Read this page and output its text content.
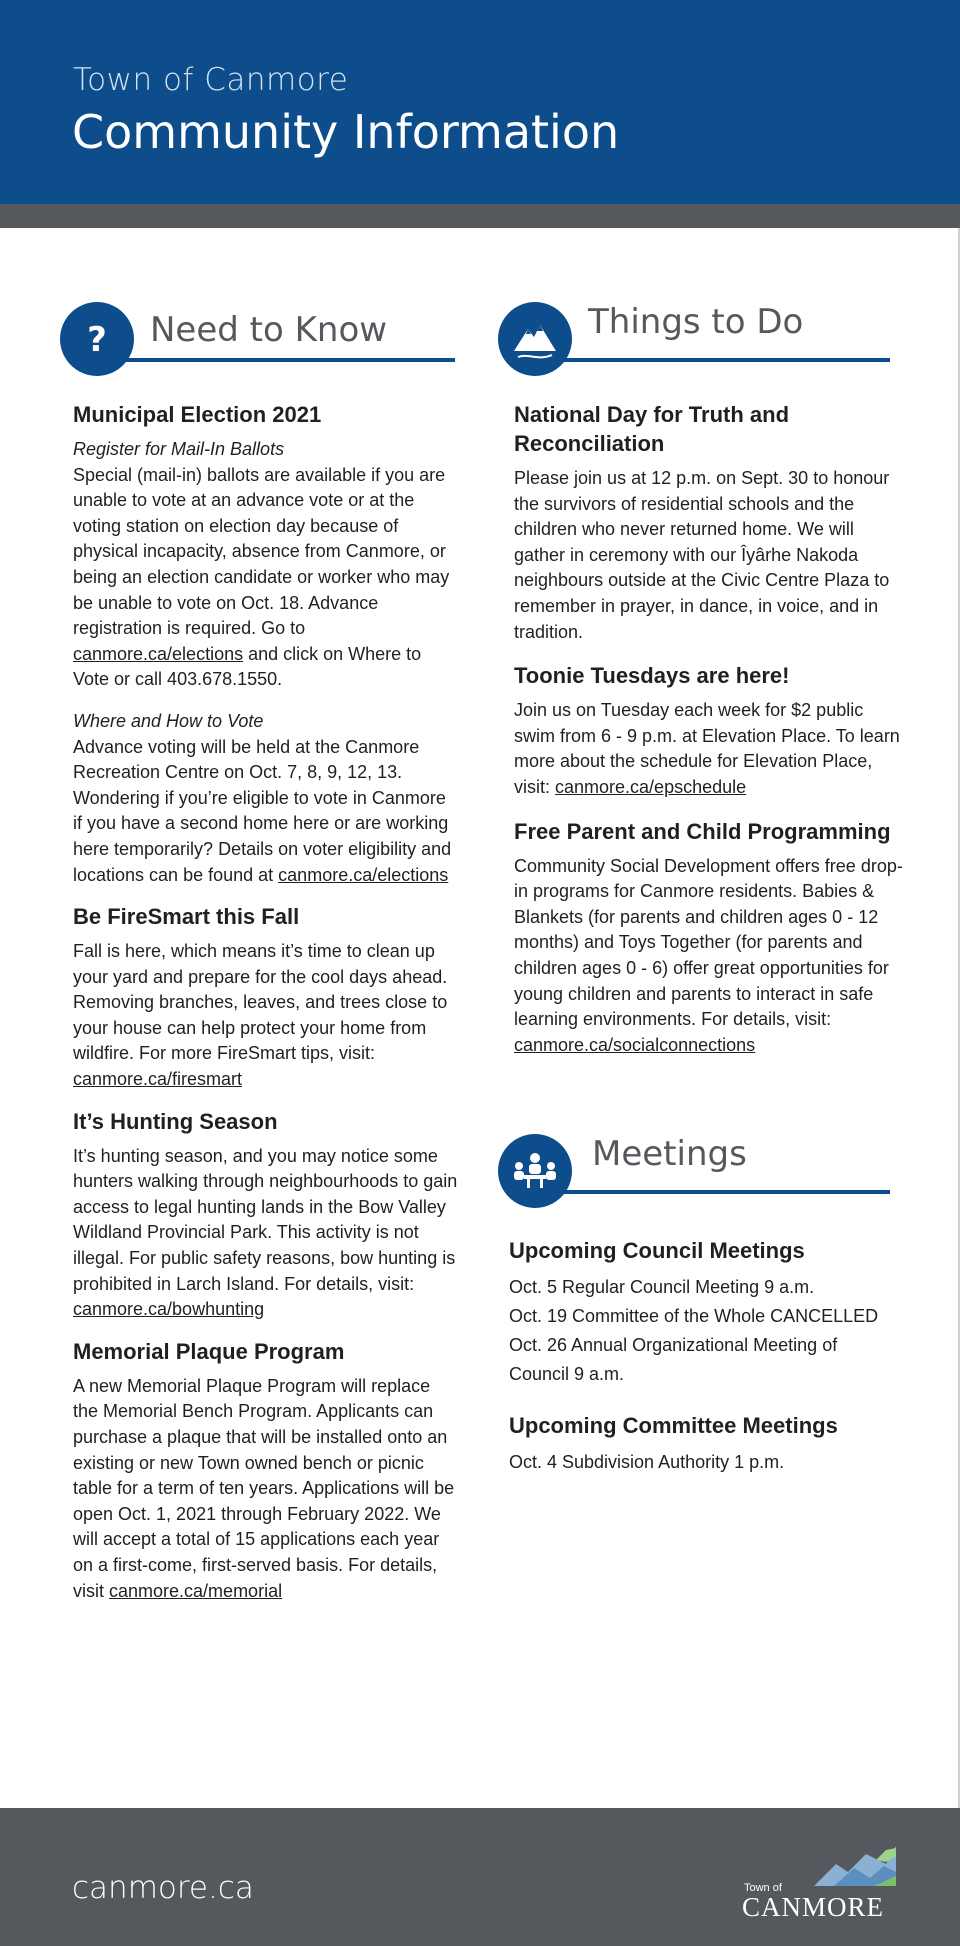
Town of Canmore
Community Information
? Need to Know	Things to Do
Municipal Election 2021

Register for Mail-In Ballots

Special (mail-in) ballots are available if you are unable to vote at an advance vote or at the voting station on election day because of physical incapacity, absence from Canmore, or being an election candidate or worker who may be unable to vote on Oct. 18. Advance registration is required. Go to canmore.ca/elections and click on Where to Vote or call 403.678.1550.

Where and How to Vote

Advance voting will be held at the Canmore Recreation Centre on Oct. 7, 8, 9, 12, 13. Wondering if you’re eligible to vote in Canmore if you have a second home here or are working here temporarily? Details on voter eligibility and locations can be found at canmore.ca/elections

Be FireSmart this Fall

Fall is here, which means it’s time to clean up your yard and prepare for the cool days ahead. Removing branches, leaves, and trees close to your house can help protect your home from wildfire. For more FireSmart tips, visit: canmore.ca/firesmart

It’s Hunting Season

It’s hunting season, and you may notice some hunters walking through neighbourhoods to gain access to legal hunting lands in the Bow Valley Wildland Provincial Park. This activity is not illegal. For public safety reasons, bow hunting is prohibited in Larch Island. For details, visit: canmore.ca/bowhunting

Memorial Plaque Program

A new Memorial Plaque Program will replace the Memorial Bench Program. Applicants can purchase a plaque that will be installed onto an existing or new Town owned bench or picnic table for a term of ten years. Applications will be open Oct. 1, 2021 through February 2022. We will accept a total of 15 applications each year on a first-come, first-served basis. For details, visit canmore.ca/memorial

National Day for Truth and Reconciliation

Please join us at 12 p.m. on Sept. 30 to honour the survivors of residential schools and the children who never returned home. We will gather in ceremony with our Îyârhe Nakoda neighbours outside at the Civic Centre Plaza to remember in prayer, in dance, in voice, and in tradition.

Toonie Tuesdays are here!

Join us on Tuesday each week for $2 public swim from 6 - 9 p.m. at Elevation Place. To learn more about the schedule for Elevation Place, visit: canmore.ca/epschedule

Free Parent and Child Programming

Community Social Development offers free drop-in programs for Canmore residents. Babies & Blankets (for parents and children ages 0 - 12 months) and Toys Together (for parents and children ages 0 - 6) offer great opportunities for young children and parents to interact in safe learning environments. For details, visit: canmore.ca/socialconnections

Meetings
Upcoming Council Meetings

Oct. 5 Regular Council Meeting 9 a.m.

Oct. 19 Committee of the Whole CANCELLED

Oct. 26 Annual Organizational Meeting of Council 9 a.m.

Upcoming Committee Meetings

Oct. 4 Subdivision Authority 1 p.m.

canmore.ca	Town of
CANMORE
